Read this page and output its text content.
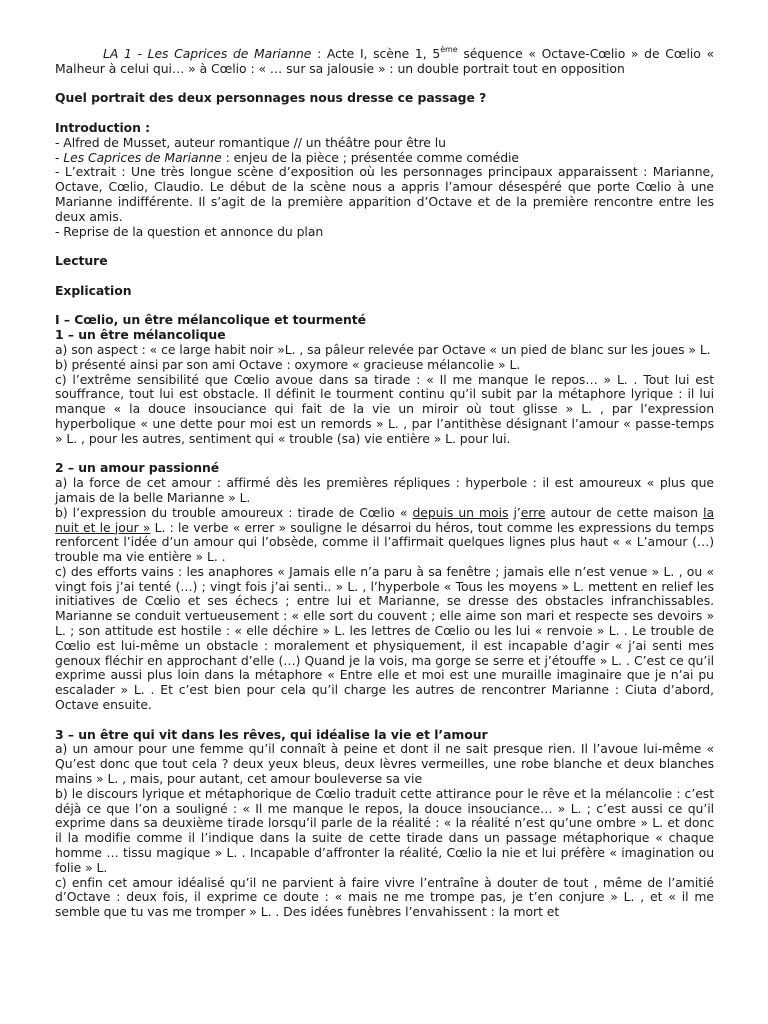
LA 1 - Les Caprices de Marianne : Acte I, scène 1, 5ème séquence « Octave-Cœlio » de Cœlio « Malheur à celui qui… » à Cœlio : « … sur sa jalousie » : un double portrait tout en opposition

Quel portrait des deux personnages nous dresse ce passage ?

Introduction :

- Alfred de Musset, auteur romantique // un théâtre pour être lu

- Les Caprices de Marianne : enjeu de la pièce ; présentée comme comédie

- L’extrait : Une très longue scène d’exposition où les personnages principaux apparaissent : Marianne, Octave, Cœlio, Claudio. Le début de la scène nous a appris l’amour désespéré que porte Cœlio à une Marianne indifférente. Il s’agit de la première apparition d’Octave et de la première rencontre entre les deux amis.

- Reprise de la question et annonce du plan

Lecture

Explication

I – Cœlio, un être mélancolique et tourmenté

1 – un être mélancolique

a) son aspect : « ce large habit noir »L. , sa pâleur relevée par Octave « un pied de blanc sur les joues » L.

b) présenté ainsi par son ami Octave : oxymore « gracieuse mélancolie » L.

c) l’extrême sensibilité que Cœlio avoue dans sa tirade : « Il me manque le repos… » L. . Tout lui est souffrance, tout lui est obstacle. Il définit le tourment continu qu’il subit par la métaphore lyrique : il lui manque « la douce insouciance qui fait de la vie un miroir où tout glisse » L. , par l’expression hyperbolique « une dette pour moi est un remords » L. , par l’antithèse désignant l’amour « passe-temps » L. , pour les autres, sentiment qui « trouble (sa) vie entière » L. pour lui.

2 – un amour passionné

a) la force de cet amour : affirmé dès les premières répliques : hyperbole : il est amoureux « plus que jamais de la belle Marianne » L.

b) l’expression du trouble amoureux : tirade de Cœlio « depuis un mois j’erre autour de cette maison la nuit et le jour » L. : le verbe « errer » souligne le désarroi du héros, tout comme les expressions du temps renforcent l’idée d’un amour qui l’obsède, comme il l’affirmait quelques lignes plus haut « « L’amour (…) trouble ma vie entière » L. .

c) des efforts vains : les anaphores « Jamais elle n’a paru à sa fenêtre ; jamais elle n’est venue » L. , ou « vingt fois j’ai tenté (…) ; vingt fois j’ai senti.. » L. , l’hyperbole « Tous les moyens » L. mettent en relief les initiatives de Cœlio et ses échecs ; entre lui et Marianne, se dresse des obstacles infranchissables. Marianne se conduit vertueusement : « elle sort du couvent ; elle aime son mari et respecte ses devoirs » L. ; son attitude est hostile : « elle déchire » L. les lettres de Cœlio ou les lui « renvoie » L. . Le trouble de Cœlio est lui-même un obstacle : moralement et physiquement, il est incapable d’agir « j’ai senti mes genoux fléchir en approchant d’elle (…) Quand je la vois, ma gorge se serre et j’étouffe » L. . C’est ce qu’il exprime aussi plus loin dans la métaphore « Entre elle et moi est une muraille imaginaire que je n’ai pu escalader » L. . Et c’est bien pour cela qu’il charge les autres de rencontrer Marianne : Ciuta d’abord, Octave ensuite.

3 – un être qui vit dans les rêves, qui idéalise la vie et l’amour

a) un amour pour une femme qu’il connaît à peine et dont il ne sait presque rien. Il l’avoue lui-même « Qu’est donc que tout cela ? deux yeux bleus, deux lèvres vermeilles, une robe blanche et deux blanches mains » L. , mais, pour autant, cet amour bouleverse sa vie

b) le discours lyrique et métaphorique de Cœlio traduit cette attirance pour le rêve et la mélancolie : c’est déjà ce que l’on a souligné : « Il me manque le repos, la douce insouciance… » L. ; c’est aussi ce qu’il exprime dans sa deuxième tirade lorsqu’il parle de la réalité : « la réalité n’est qu’une ombre » L. et donc il la modifie comme il l’indique dans la suite de cette tirade dans un passage métaphorique « chaque homme … tissu magique » L. . Incapable d’affronter la réalité, Cœlio la nie et lui préfère « imagination ou folie » L.

c) enfin cet amour idéalisé qu’il ne parvient à faire vivre l’entraîne à douter de tout , même de l’amitié d’Octave : deux fois, il exprime ce doute : « mais ne me trompe pas, je t’en conjure » L. , et « il me semble que tu vas me tromper » L. . Des idées funèbres l’envahissent : la mort et
